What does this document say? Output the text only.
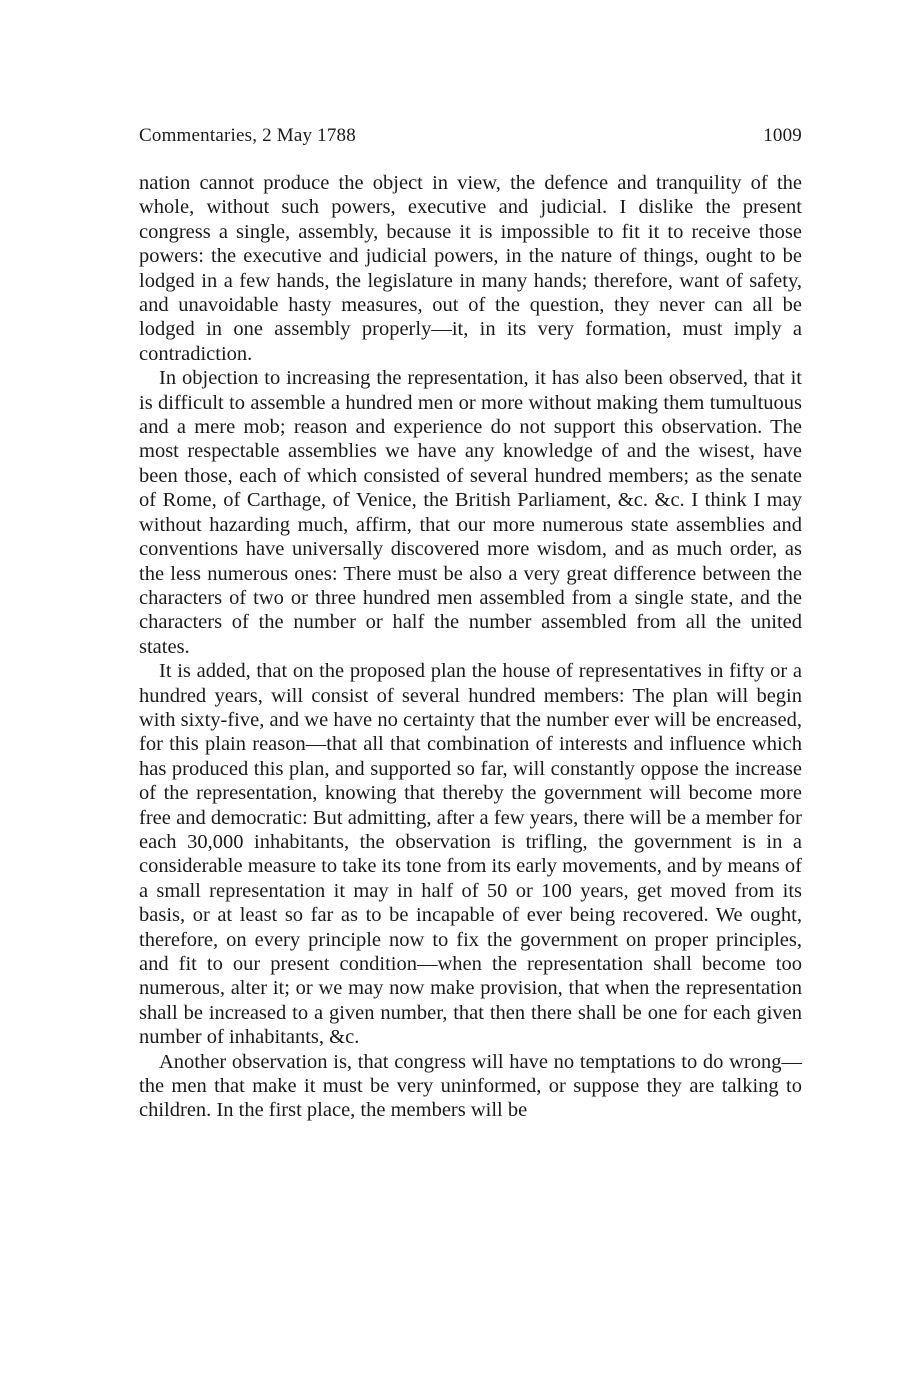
Commentaries, 2 May 1788	1009

nation cannot produce the object in view, the defence and tranquility of the whole, without such powers, executive and judicial. I dislike the present congress a single, assembly, because it is impossible to fit it to receive those powers: the executive and judicial powers, in the nature of things, ought to be lodged in a few hands, the legislature in many hands; therefore, want of safety, and unavoidable hasty measures, out of the question, they never can all be lodged in one assembly properly—it, in its very formation, must imply a contradiction.

In objection to increasing the representation, it has also been observed, that it is difficult to assemble a hundred men or more without making them tumultuous and a mere mob; reason and experience do not support this observation. The most respectable assemblies we have any knowledge of and the wisest, have been those, each of which consisted of several hundred members; as the senate of Rome, of Carthage, of Venice, the British Parliament, &c. &c. I think I may without hazarding much, affirm, that our more numerous state assemblies and conventions have universally discovered more wisdom, and as much order, as the less numerous ones: There must be also a very great difference between the characters of two or three hundred men assembled from a single state, and the characters of the number or half the number assembled from all the united states.

It is added, that on the proposed plan the house of representatives in fifty or a hundred years, will consist of several hundred members: The plan will begin with sixty-five, and we have no certainty that the number ever will be encreased, for this plain reason—that all that combination of interests and influence which has produced this plan, and supported so far, will constantly oppose the increase of the representation, knowing that thereby the government will become more free and democratic: But admitting, after a few years, there will be a member for each 30,000 inhabitants, the observation is trifling, the government is in a considerable measure to take its tone from its early movements, and by means of a small representation it may in half of 50 or 100 years, get moved from its basis, or at least so far as to be incapable of ever being recovered. We ought, therefore, on every principle now to fix the government on proper principles, and fit to our present condition—when the representation shall become too numerous, alter it; or we may now make provision, that when the representation shall be increased to a given number, that then there shall be one for each given number of inhabitants, &c.

Another observation is, that congress will have no temptations to do wrong—the men that make it must be very uninformed, or suppose they are talking to children. In the first place, the members will be
